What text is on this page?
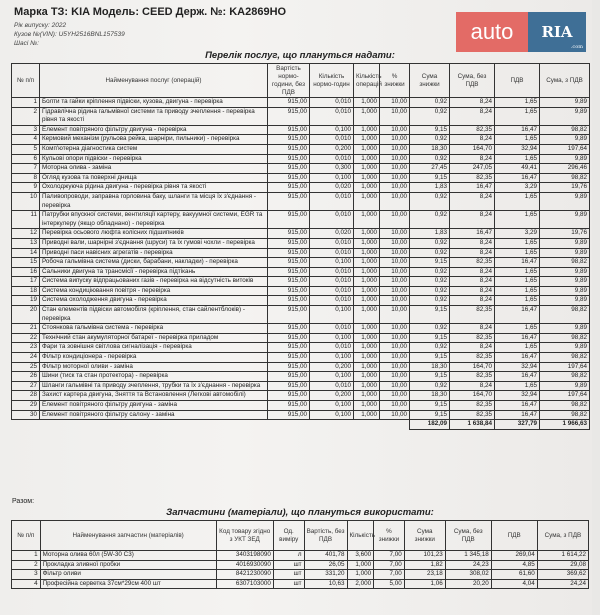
Марка ТЗ: KIA Модель: CEED Держ. №: KA2869HO
Рік випуску: 2022
Кузов №(VIN): U5YH2516BNL157539
Шасі №:	auto	RIA
.com
Перелік послуг, що плануться надати:
№ п/п	Найменування послуг (операцій)	Вартість нормо-години, без ПДВ	Кількість нормо-годин	Кількість операцій	% знижки	Сума знижки	Сума, без ПДВ	ПДВ	Сума, з ПДВ
1	Болти та гайки кріплення підвіски, кузова, двигуна - перевірка	915,00	0,010	1,000	10,00	0,92	8,24	1,65	9,89
2	Гідравлічна рідина гальмівної системи та приводу зчеплення - перевірка рівня та якості	915,00	0,010	1,000	10,00	0,92	8,24	1,65	9,89
3	Елемент повітряного фільтру двигуна - перевірка	915,00	0,100	1,000	10,00	9,15	82,35	16,47	98,82
4	Кермовий механізм (рульова рейка, шарніри, пильники) - перевірка	915,00	0,010	1,000	10,00	0,92	8,24	1,65	9,89
5	Комп'ютерна діагностика систем	915,00	0,200	1,000	10,00	18,30	164,70	32,94	197,64
6	Кульові опори підвіски - перевірка	915,00	0,010	1,000	10,00	0,92	8,24	1,65	9,89
7	Моторна олива - заміна	915,00	0,300	1,000	10,00	27,45	247,05	49,41	296,46
8	Огляд кузова та поверхні днища	915,00	0,100	1,000	10,00	9,15	82,35	16,47	98,82
9	Охолоджуюча рідина двигуна - перевірка рівня та якості	915,00	0,020	1,000	10,00	1,83	16,47	3,29	19,76
10	Паливопроводи, заправна горловина баку, шланги та місця їх з'єднання - перевірка	915,00	0,010	1,000	10,00	0,92	8,24	1,65	9,89
11	Патрубки впускної системи, вентиляції картеру, вакуумної системи, EGR та інтеркулеру (якщо обладнано) - перевірка	915,00	0,010	1,000	10,00	0,92	8,24	1,65	9,89
12	Перевірка осьового люфта колісних підшипників	915,00	0,020	1,000	10,00	1,83	16,47	3,29	19,76
13	Приводні вали, шарнірні з'єднання (шруси) та їх гумові чохли - перевірка	915,00	0,010	1,000	10,00	0,92	8,24	1,65	9,89
14	Приводні паси навісних агрегатів - перевірка	915,00	0,010	1,000	10,00	0,92	8,24	1,65	9,89
15	Робоча гальмівна система (диски, барабани, накладки) - перевірка	915,00	0,100	1,000	10,00	9,15	82,35	16,47	98,82
16	Сальники двигуна та трансмісії - перевірка підтікань	915,00	0,010	1,000	10,00	0,92	8,24	1,65	9,89
17	Система випуску відпрацьованих газів - перевірка на відсутність витоків	915,00	0,010	1,000	10,00	0,92	8,24	1,65	9,89
18	Система кондиціювання повітря - перевірка	915,00	0,010	1,000	10,00	0,92	8,24	1,65	9,89
19	Система охолодження двигуна - перевірка	915,00	0,010	1,000	10,00	0,92	8,24	1,65	9,89
20	Стан елементів підвіски автомобіля (кріплення, стан сайлентблоків) - перевірка	915,00	0,100	1,000	10,00	9,15	82,35	16,47	98,82
21	Стоянкова гальмівна система - перевірка	915,00	0,010	1,000	10,00	0,92	8,24	1,65	9,89
22	Технічний стан акумуляторної батареї - перевірка приладом	915,00	0,100	1,000	10,00	9,15	82,35	16,47	98,82
23	Фари та зовнішня світлова сигналізація - перевірка	915,00	0,010	1,000	10,00	0,92	8,24	1,65	9,89
24	Фільтр кондиціонера - перевірка	915,00	0,100	1,000	10,00	9,15	82,35	16,47	98,82
25	Фільтр моторної оливи - заміна	915,00	0,200	1,000	10,00	18,30	164,70	32,94	197,64
26	Шини (тиск та стан протектора) - перевірка	915,00	0,100	1,000	10,00	9,15	82,35	16,47	98,82
27	Шланги гальмівні та приводу зчеплення, трубки та їх з'єднання - перевірка	915,00	0,010	1,000	10,00	0,92	8,24	1,65	9,89
28	Захист картера двигуна, Зняття та Встановлення (Легкові автомобілі)	915,00	0,200	1,000	10,00	18,30	164,70	32,94	197,64
29	Елемент повітряного фільтру двигуна - заміна	915,00	0,100	1,000	10,00	9,15	82,35	16,47	98,82
30	Елемент повітряного фільтру салону - заміна	915,00	0,100	1,000	10,00	9,15	82,35	16,47	98,82
						182,09	1 638,84	327,79	1 966,63
Разом:
Запчастини (матеріали), що плануться використати:
№ п/п	Найменування запчастин (матеріалів)	Код товару згідно з УКТ ЗЕД	Од. виміру	Вартість, без ПДВ	Кількість	% знижки	Сума знижки	Сума, без ПДВ	ПДВ	Сума, з ПДВ
1	Моторна олива 60л (5W-30 C3)	3403198090	л	401,78	3,600	7,00	101,23	1 345,18	269,04	1 614,22
2	Прокладка зливної пробки	4016930090	шт	26,05	1,000	7,00	1,82	24,23	4,85	29,08
3	Фільтр оливи	8421230090	шт	331,20	1,000	7,00	23,18	308,02	61,60	369,62
4	Професійна серветка 37см*29см 400 шт	6307103000	шт	10,63	2,000	5,00	1,06	20,20	4,04	24,24
